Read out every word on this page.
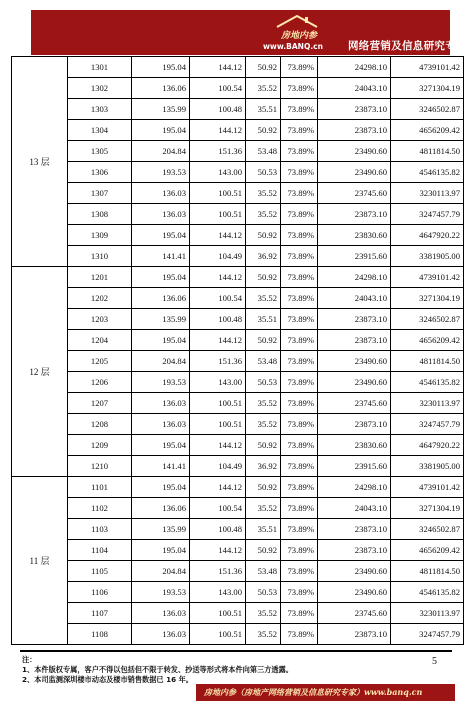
房地内参
www.BANQ.cn 网络营销及信息研究专家
13 层	1301	195.04	144.12	50.92	73.89%	24298.10	4739101.42
	1302	136.06	100.54	35.52	73.89%	24043.10	3271304.19
	1303	135.99	100.48	35.51	73.89%	23873.10	3246502.87
	1304	195.04	144.12	50.92	73.89%	23873.10	4656209.42
	1305	204.84	151.36	53.48	73.89%	23490.60	4811814.50
	1306	193.53	143.00	50.53	73.89%	23490.60	4546135.82
	1307	136.03	100.51	35.52	73.89%	23745.60	3230113.97
	1308	136.03	100.51	35.52	73.89%	23873.10	3247457.79
	1309	195.04	144.12	50.92	73.89%	23830.60	4647920.22
	1310	141.41	104.49	36.92	73.89%	23915.60	3381905.00
12 层	1201	195.04	144.12	50.92	73.89%	24298.10	4739101.42
	1202	136.06	100.54	35.52	73.89%	24043.10	3271304.19
	1203	135.99	100.48	35.51	73.89%	23873.10	3246502.87
	1204	195.04	144.12	50.92	73.89%	23873.10	4656209.42
	1205	204.84	151.36	53.48	73.89%	23490.60	4811814.50
	1206	193.53	143.00	50.53	73.89%	23490.60	4546135.82
	1207	136.03	100.51	35.52	73.89%	23745.60	3230113.97
	1208	136.03	100.51	35.52	73.89%	23873.10	3247457.79
	1209	195.04	144.12	50.92	73.89%	23830.60	4647920.22
	1210	141.41	104.49	36.92	73.89%	23915.60	3381905.00
11 层	1101	195.04	144.12	50.92	73.89%	24298.10	4739101.42
	1102	136.06	100.54	35.52	73.89%	24043.10	3271304.19
	1103	135.99	100.48	35.51	73.89%	23873.10	3246502.87
	1104	195.04	144.12	50.92	73.89%	23873.10	4656209.42
	1105	204.84	151.36	53.48	73.89%	23490.60	4811814.50
	1106	193.53	143.00	50.53	73.89%	23490.60	4546135.82
	1107	136.03	100.51	35.52	73.89%	23745.60	3230113.97
	1108	136.03	100.51	35.52	73.89%	23873.10	3247457.79
注：
1、本件版权专属，客户不得以包括但不限于转发、抄送等形式将本件向第三方透露。
2、本司监测深圳楼市动态及楼市销售数据已 16 年。
5
房地内参（房地产网络营销及信息研究专家）www.banq.cn
